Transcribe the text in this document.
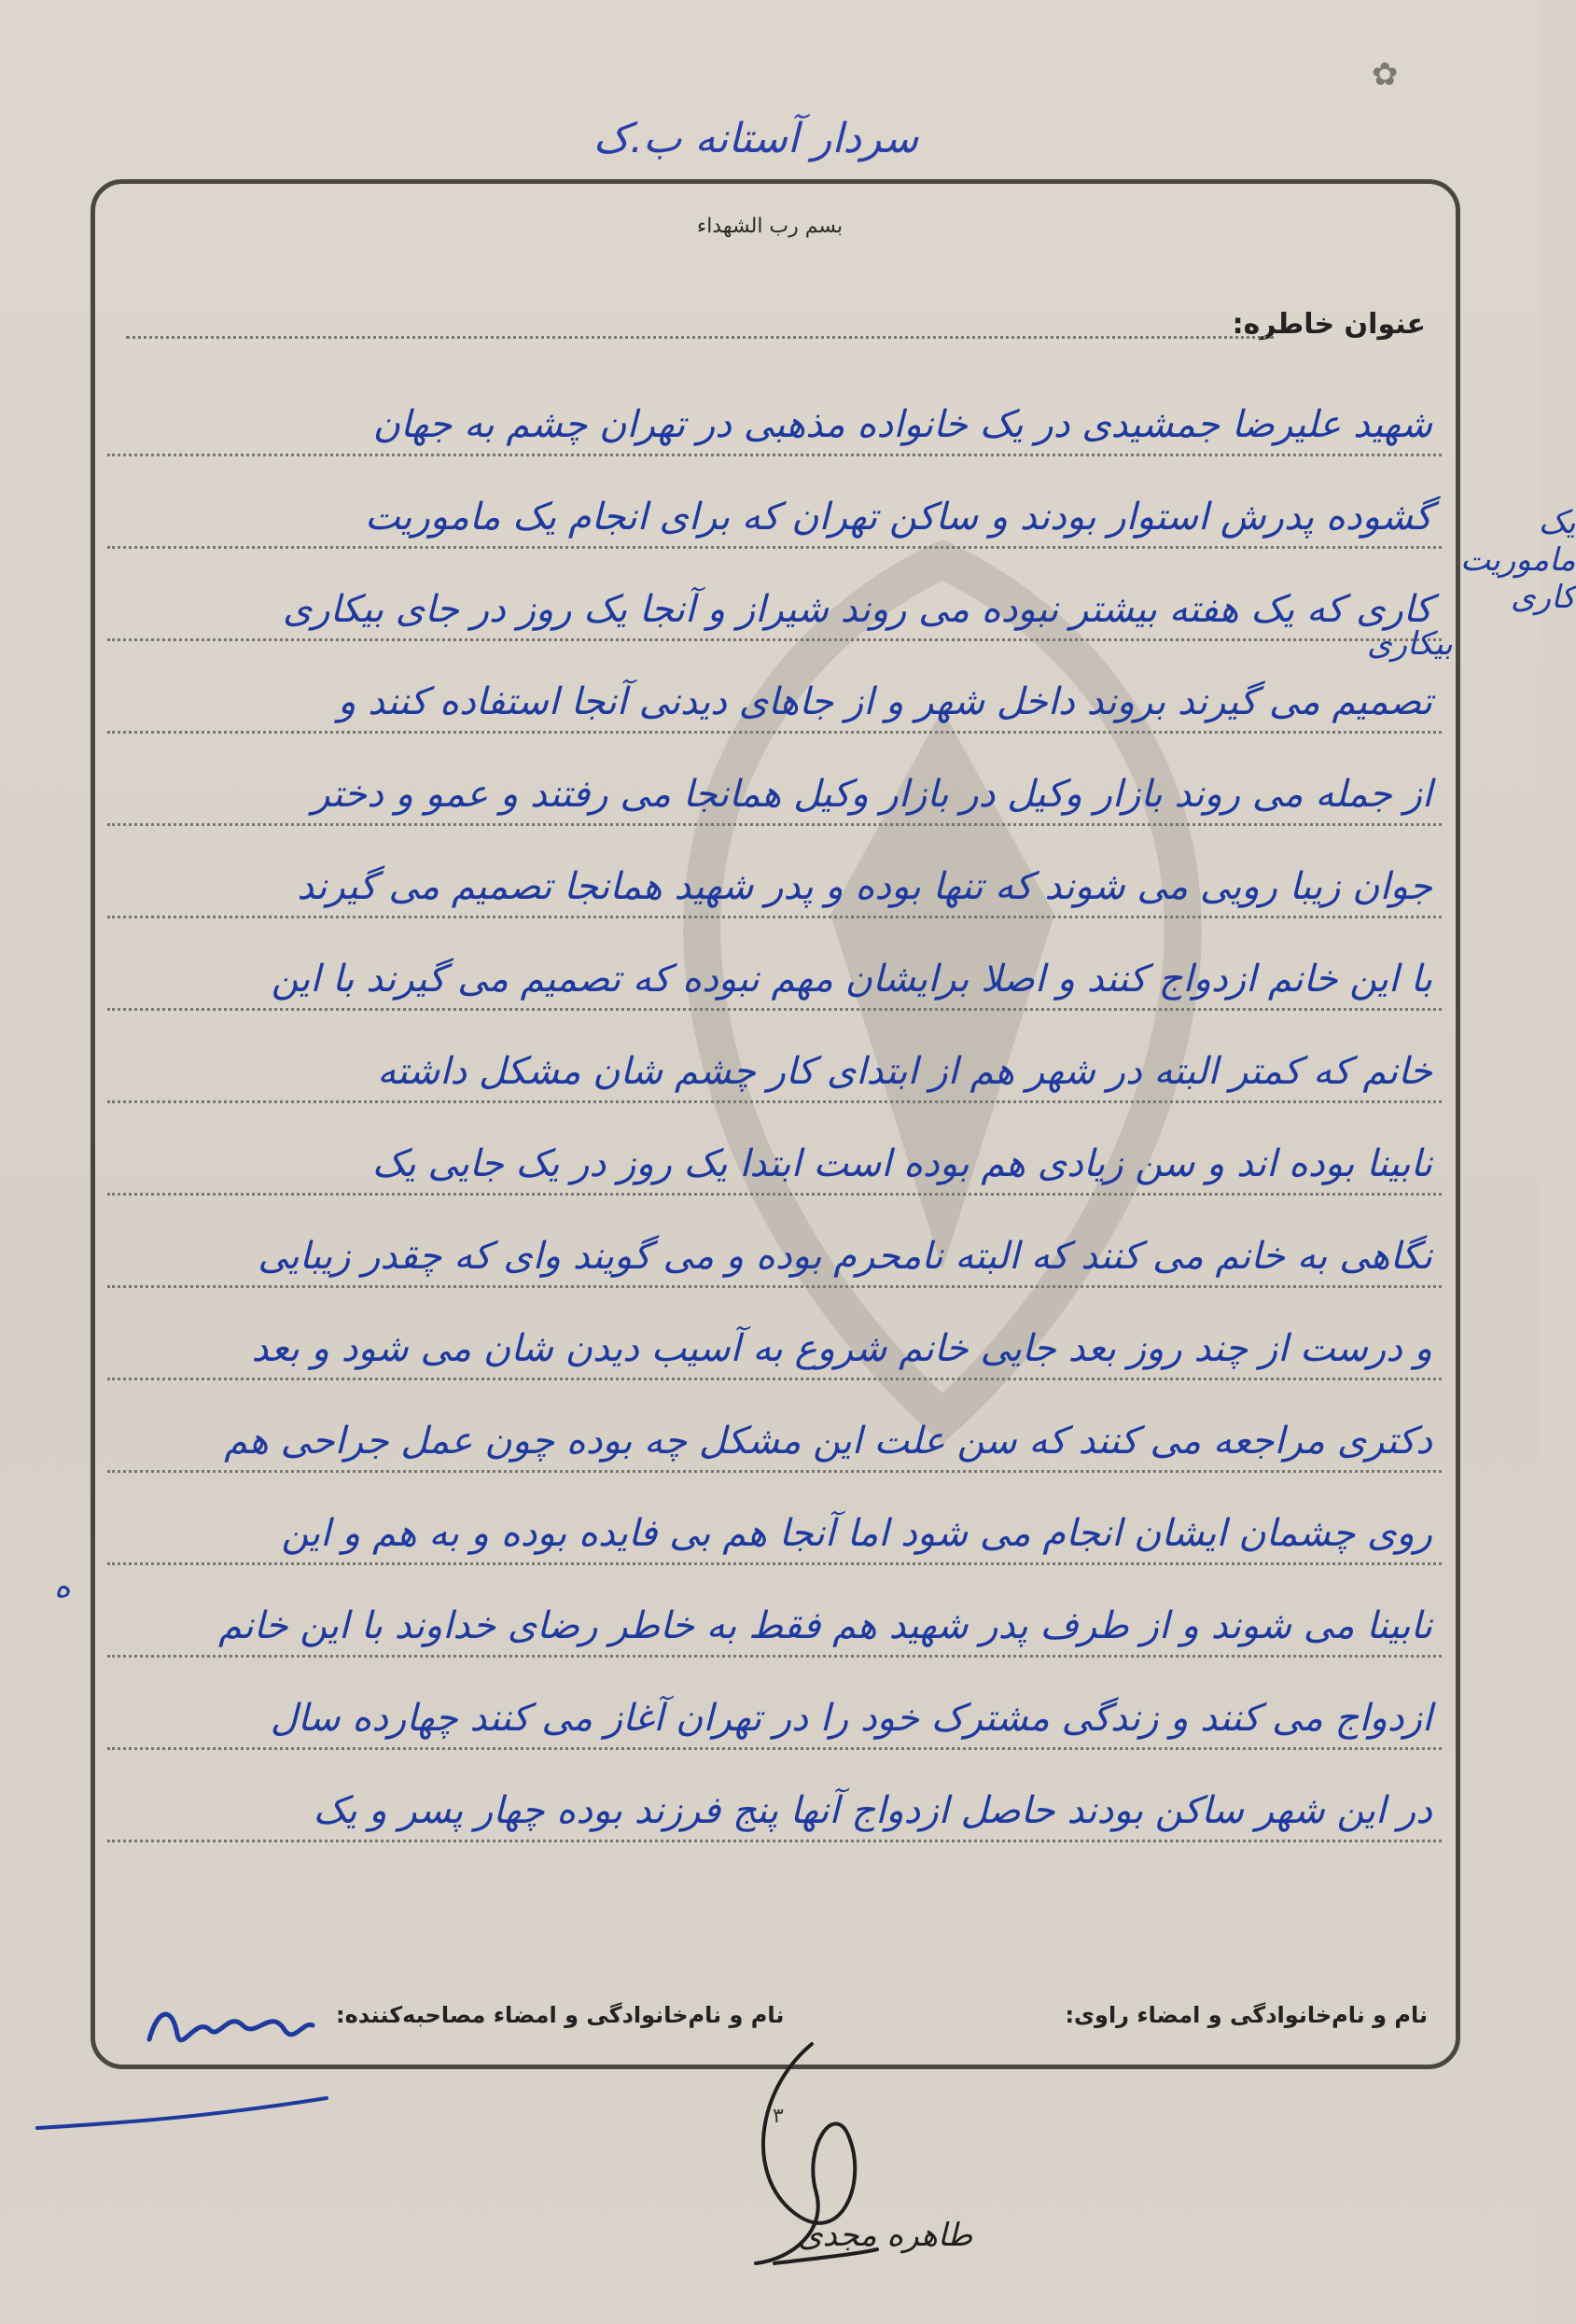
✿
سردار آستانه ب.ک
بسم رب الشهداء
عنوان خاطره:
شهید علیرضا جمشیدی در یک خانواده مذهبی در تهران چشم به جهان
گشوده پدرش استوار بودند و ساکن تهران که برای انجام یک ماموریت
کاری که یک هفته بیشتر نبوده می روند شیراز و آنجا یک روز در جای بیکاری
تصمیم می گیرند بروند داخل شهر و از جاهای دیدنی آنجا استفاده کنند و
از جمله می روند بازار وکیل در بازار وکیل همانجا می رفتند و عمو و دختر
جوان زیبا رویی می شوند که تنها بوده و پدر شهید همانجا تصمیم می گیرند
با این خانم ازدواج کنند و اصلا برایشان مهم نبوده که تصمیم می گیرند با این
خانم که کمتر البته در شهر هم از ابتدای کار چشم شان مشکل داشته
نابینا بوده اند و سن زیادی هم بوده است ابتدا یک روز در یک جایی یک
نگاهی به خانم می کنند که البته نامحرم بوده و می گویند وای که چقدر زیبایی
و درست از چند روز بعد جایی خانم شروع به آسیب دیدن شان می شود و بعد
دکتری مراجعه می کنند که سن علت این مشکل چه بوده چون عمل جراحی هم
روی چشمان ایشان انجام می شود اما آنجا هم بی فایده بوده و به هم و این
نابینا می شوند و از طرف پدر شهید هم فقط به خاطر رضای خداوند با این خانم
ازدواج می کنند و زندگی مشترک خود را در تهران آغاز می کنند چهارده سال
در این شهر ساکن بودند حاصل ازدواج آنها پنج فرزند بوده چهار پسر و یک
یک ماموریت کاری
بیکاری
ه
نام و نام‌خانوادگی و امضاء راوی:
نام و نام‌خانوادگی و امضاء مصاحبه‌کننده:
۳
طاهره مجدی
